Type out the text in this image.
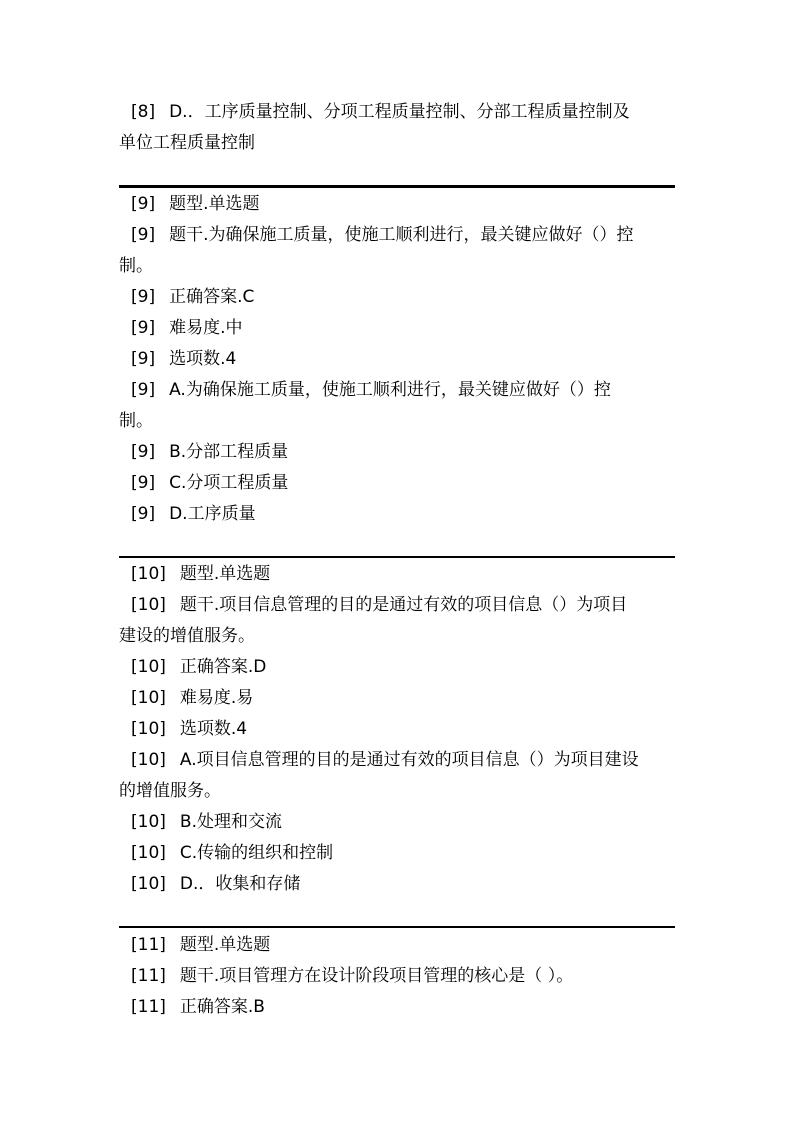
[8] D.．工序质量控制、分项工程质量控制、分部工程质量控制及
单位工程质量控制
[9] 题型.单选题
[9] 题干.为确保施工质量，使施工顺利进行，最关键应做好（）控
制。
[9] 正确答案.C
[9] 难易度.中
[9] 选项数.4
[9] A.为确保施工质量，使施工顺利进行，最关键应做好（）控
制。
[9] B.分部工程质量
[9] C.分项工程质量
[9] D.工序质量
[10] 题型.单选题
[10] 题干.项目信息管理的目的是通过有效的项目信息（）为项目
建设的增值服务。
[10] 正确答案.D
[10] 难易度.易
[10] 选项数.4
[10] A.项目信息管理的目的是通过有效的项目信息（）为项目建设
的增值服务。
[10] B.处理和交流
[10] C.传输的组织和控制
[10] D.．收集和存储
[11] 题型.单选题
[11] 题干.项目管理方在设计阶段项目管理的核心是（ ）。
[11] 正确答案.B
